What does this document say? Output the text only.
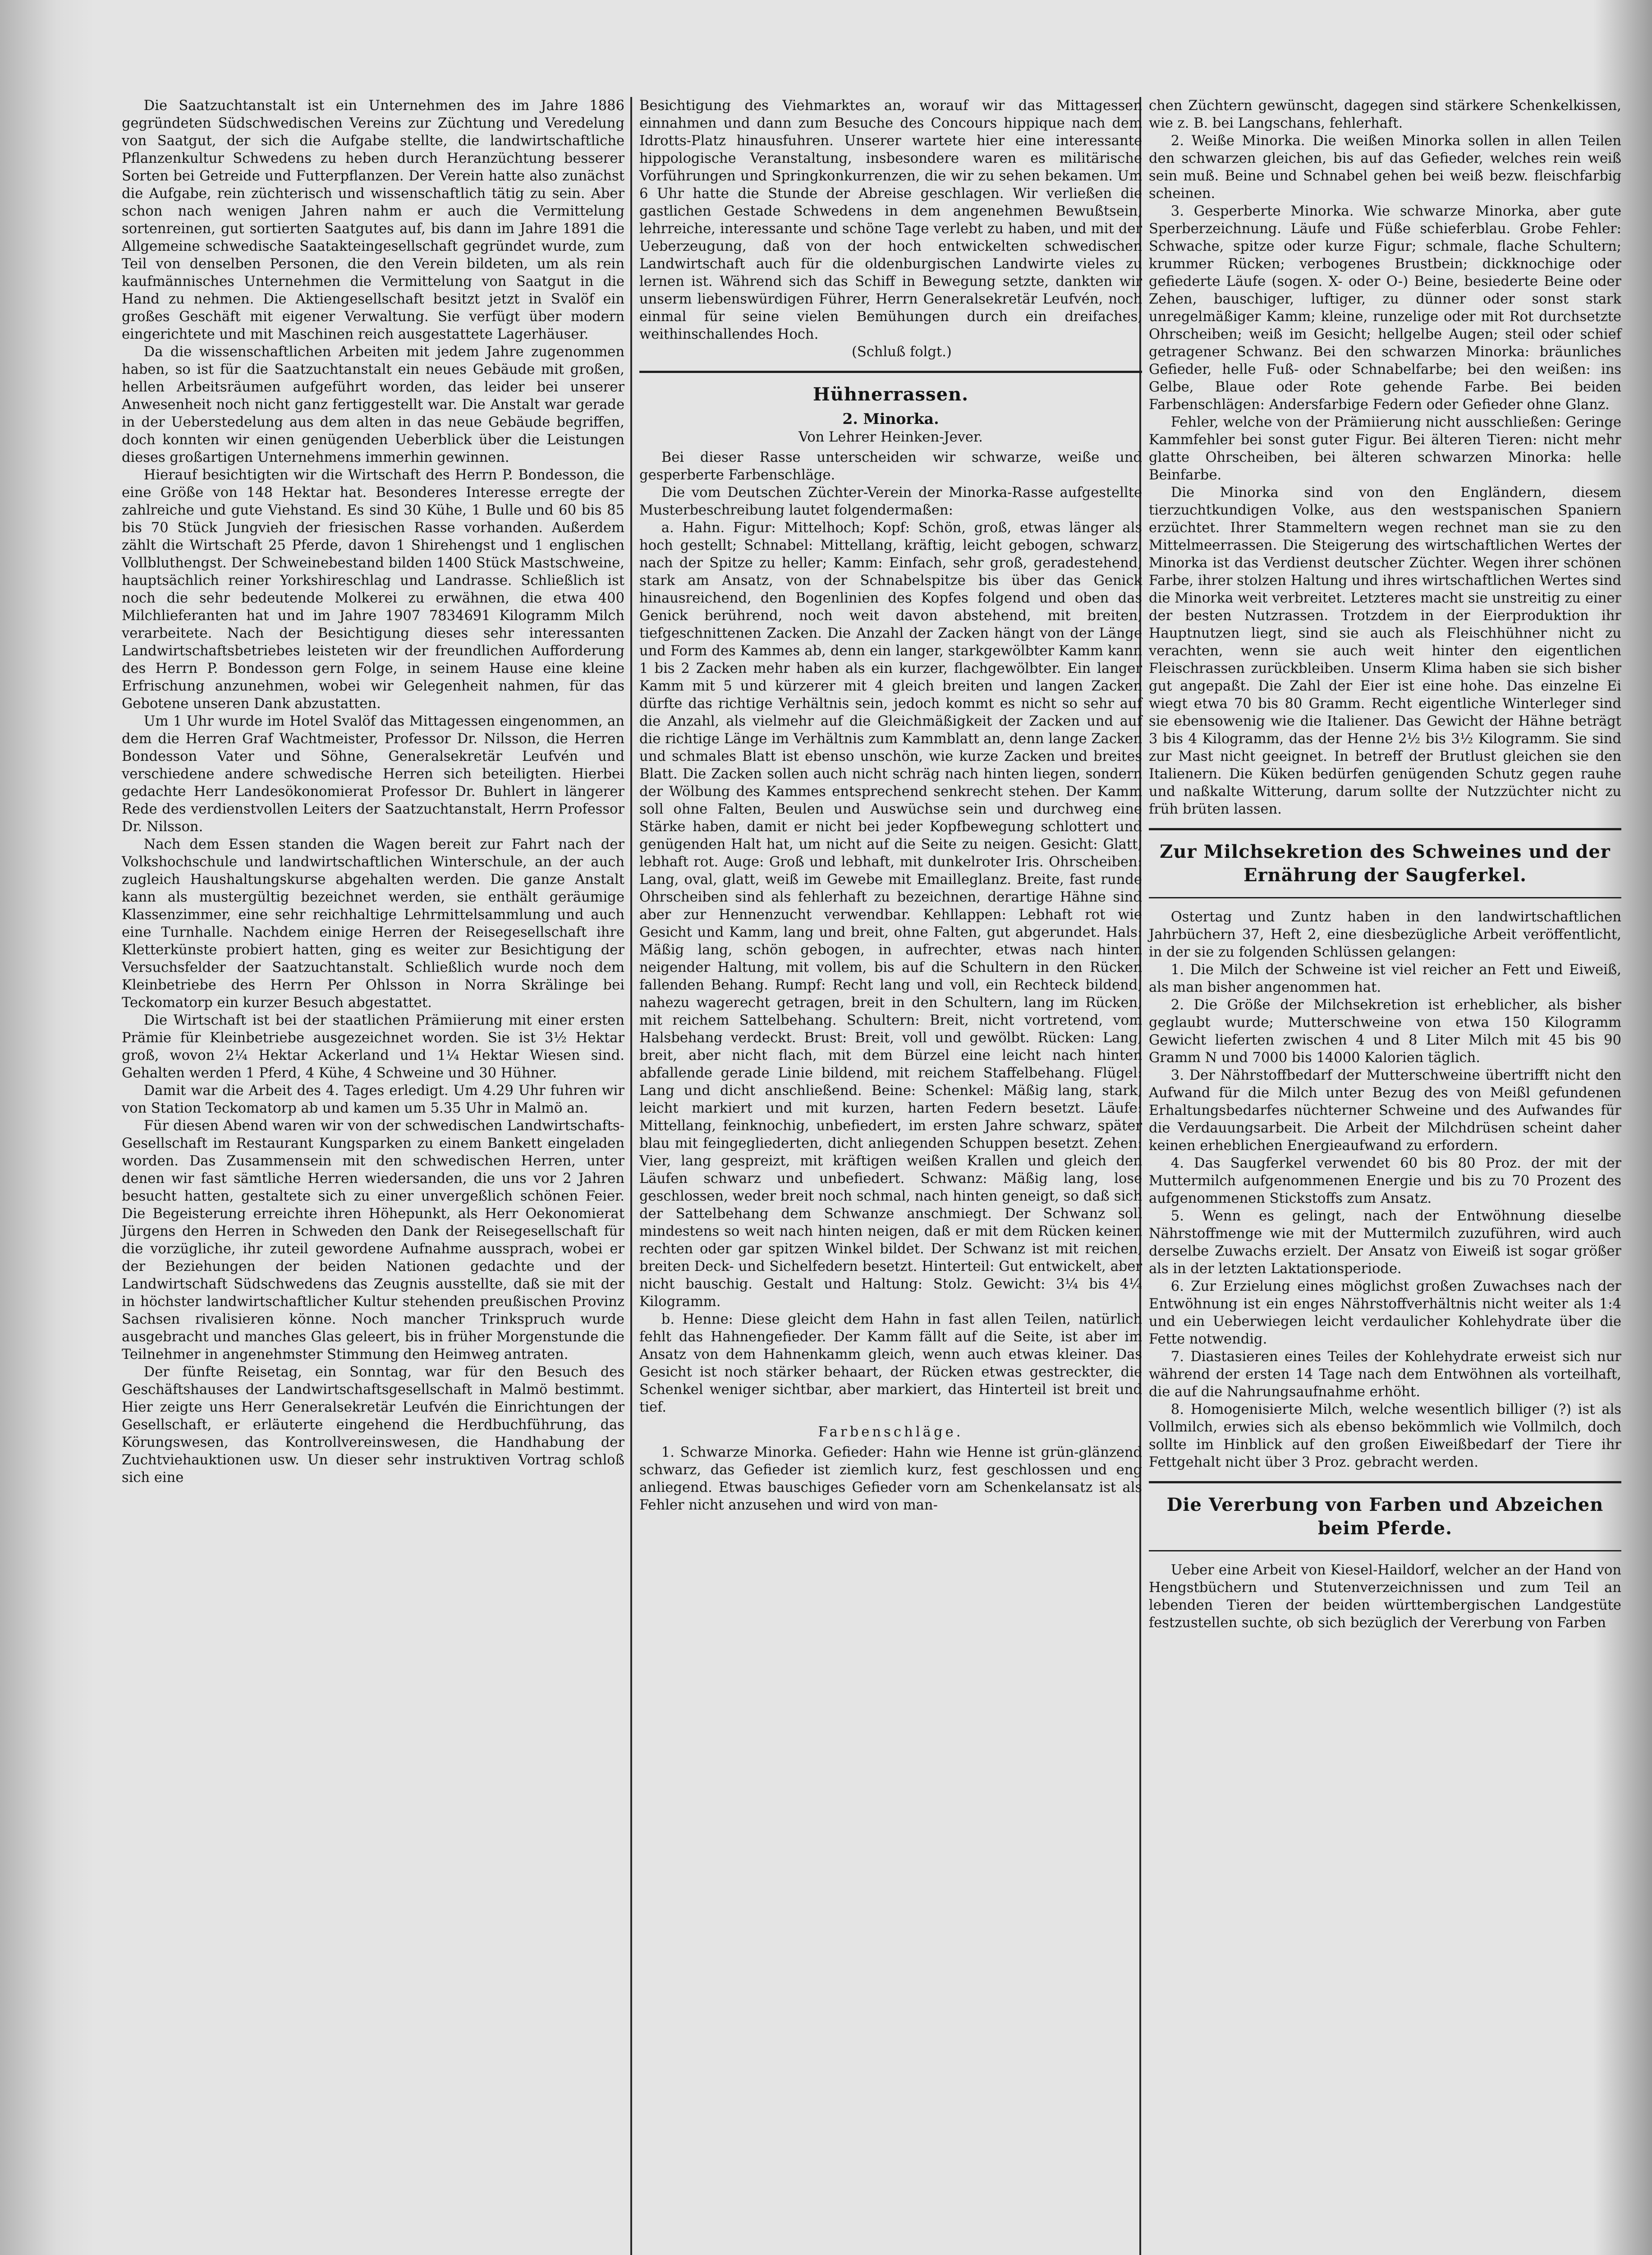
Die Saatzuchtanstalt ist ein Unternehmen des im Jahre 1886 gegründeten Südschwedischen Vereins zur Züchtung und Veredelung von Saatgut, der sich die Aufgabe stellte, die landwirtschaftliche Pflanzenkultur Schwedens zu heben durch Heranzüchtung besserer Sorten bei Getreide und Futterpflanzen. Der Verein hatte also zunächst die Aufgabe, rein züchterisch und wissenschaftlich tätig zu sein. Aber schon nach wenigen Jahren nahm er auch die Vermittelung sortenreinen, gut sortierten Saatgutes auf, bis dann im Jahre 1891 die Allgemeine schwedische Saatakteingesellschaft gegründet wurde, zum Teil von denselben Personen, die den Verein bildeten, um als rein kaufmännisches Unternehmen die Vermittelung von Saatgut in die Hand zu nehmen. Die Aktiengesellschaft besitzt jetzt in Svalöf ein großes Geschäft mit eigener Verwaltung. Sie verfügt über modern eingerichtete und mit Maschinen reich ausgestattete Lagerhäuser.

Da die wissenschaftlichen Arbeiten mit jedem Jahre zugenommen haben, so ist für die Saatzuchtanstalt ein neues Gebäude mit großen, hellen Arbeitsräumen aufgeführt worden, das leider bei unserer Anwesenheit noch nicht ganz fertiggestellt war. Die Anstalt war gerade in der Ueberstedelung aus dem alten in das neue Gebäude begriffen, doch konnten wir einen genügenden Ueberblick über die Leistungen dieses großartigen Unternehmens immerhin gewinnen.

Hierauf besichtigten wir die Wirtschaft des Herrn P. Bondesson, die eine Größe von 148 Hektar hat. Besonderes Interesse erregte der zahlreiche und gute Viehstand. Es sind 30 Kühe, 1 Bulle und 60 bis 85 bis 70 Stück Jungvieh der friesischen Rasse vorhanden. Außerdem zählt die Wirtschaft 25 Pferde, davon 1 Shirehengst und 1 englischen Vollbluthengst. Der Schweinebestand bilden 1400 Stück Mastschweine, hauptsächlich reiner Yorkshireschlag und Landrasse. Schließlich ist noch die sehr bedeutende Molkerei zu erwähnen, die etwa 400 Milchlieferanten hat und im Jahre 1907 7834691 Kilogramm Milch verarbeitete. Nach der Besichtigung dieses sehr interessanten Landwirtschaftsbetriebes leisteten wir der freundlichen Aufforderung des Herrn P. Bondesson gern Folge, in seinem Hause eine kleine Erfrischung anzunehmen, wobei wir Gelegenheit nahmen, für das Gebotene unseren Dank abzustatten.

Um 1 Uhr wurde im Hotel Svalöf das Mittagessen eingenommen, an dem die Herren Graf Wachtmeister, Professor Dr. Nilsson, die Herren Bondesson Vater und Söhne, Generalsekretär Leufvén und verschiedene andere schwedische Herren sich beteiligten. Hierbei gedachte Herr Landesökonomierat Professor Dr. Buhlert in längerer Rede des verdienstvollen Leiters der Saatzuchtanstalt, Herrn Professor Dr. Nilsson.

Nach dem Essen standen die Wagen bereit zur Fahrt nach der Volkshochschule und landwirtschaftlichen Winterschule, an der auch zugleich Haushaltungskurse abgehalten werden. Die ganze Anstalt kann als mustergültig bezeichnet werden, sie enthält geräumige Klassenzimmer, eine sehr reichhaltige Lehrmittelsammlung und auch eine Turnhalle. Nachdem einige Herren der Reisegesellschaft ihre Kletterkünste probiert hatten, ging es weiter zur Besichtigung der Versuchsfelder der Saatzuchtanstalt. Schließlich wurde noch dem Kleinbetriebe des Herrn Per Ohlsson in Norra Skrälinge bei Teckomatorp ein kurzer Besuch abgestattet.

Die Wirtschaft ist bei der staatlichen Prämiierung mit einer ersten Prämie für Kleinbetriebe ausgezeichnet worden. Sie ist 3½ Hektar groß, wovon 2¼ Hektar Ackerland und 1¼ Hektar Wiesen sind. Gehalten werden 1 Pferd, 4 Kühe, 4 Schweine und 30 Hühner.

Damit war die Arbeit des 4. Tages erledigt. Um 4.29 Uhr fuhren wir von Station Teckomatorp ab und kamen um 5.35 Uhr in Malmö an.

Für diesen Abend waren wir von der schwedischen Landwirtschafts-Gesellschaft im Restaurant Kungsparken zu einem Bankett eingeladen worden. Das Zusammensein mit den schwedischen Herren, unter denen wir fast sämtliche Herren wiedersanden, die uns vor 2 Jahren besucht hatten, gestaltete sich zu einer unvergeßlich schönen Feier. Die Begeisterung erreichte ihren Höhepunkt, als Herr Oekonomierat Jürgens den Herren in Schweden den Dank der Reisegesellschaft für die vorzügliche, ihr zuteil gewordene Aufnahme aussprach, wobei er der Beziehungen der beiden Nationen gedachte und der Landwirtschaft Südschwedens das Zeugnis ausstellte, daß sie mit der in höchster landwirtschaftlicher Kultur stehenden preußischen Provinz Sachsen rivalisieren könne. Noch mancher Trinkspruch wurde ausgebracht und manches Glas geleert, bis in früher Morgenstunde die Teilnehmer in angenehmster Stimmung den Heimweg antraten.

Der fünfte Reisetag, ein Sonntag, war für den Besuch des Geschäftshauses der Landwirtschaftsgesellschaft in Malmö bestimmt. Hier zeigte uns Herr Generalsekretär Leufvén die Einrichtungen der Gesellschaft, er erläuterte eingehend die Herdbuchführung, das Körungswesen, das Kontrollvereinswesen, die Handhabung der Zuchtviehauktionen usw. Un dieser sehr instruktiven Vortrag schloß sich eine

Besichtigung des Viehmarktes an, worauf wir das Mittagessen einnahmen und dann zum Besuche des Concours hippique nach dem Idrotts-Platz hinausfuhren. Unserer wartete hier eine interessante hippologische Veranstaltung, insbesondere waren es militärische Vorführungen und Springkonkurrenzen, die wir zu sehen bekamen. Um 6 Uhr hatte die Stunde der Abreise geschlagen. Wir verließen die gastlichen Gestade Schwedens in dem angenehmen Bewußtsein, lehrreiche, interessante und schöne Tage verlebt zu haben, und mit der Ueberzeugung, daß von der hoch entwickelten schwedischen Landwirtschaft auch für die oldenburgischen Landwirte vieles zu lernen ist. Während sich das Schiff in Bewegung setzte, dankten wir unserm liebenswürdigen Führer, Herrn Generalsekretär Leufvén, noch einmal für seine vielen Bemühungen durch ein dreifaches, weithinschallendes Hoch.

(Schluß folgt.)

Hühnerrassen.
2. Minorka.
Von Lehrer Heinken-Jever.

Bei dieser Rasse unterscheiden wir schwarze, weiße und gesperberte Farbenschläge.

Die vom Deutschen Züchter-Verein der Minorka-Rasse aufgestellte Musterbeschreibung lautet folgendermaßen:

a. Hahn. Figur: Mittelhoch; Kopf: Schön, groß, etwas länger als hoch gestellt; Schnabel: Mittellang, kräftig, leicht gebogen, schwarz, nach der Spitze zu heller; Kamm: Einfach, sehr groß, geradestehend, stark am Ansatz, von der Schnabelspitze bis über das Genick hinausreichend, den Bogenlinien des Kopfes folgend und oben das Genick berührend, noch weit davon abstehend, mit breiten, tiefgeschnittenen Zacken. Die Anzahl der Zacken hängt von der Länge und Form des Kammes ab, denn ein langer, starkgewölbter Kamm kann 1 bis 2 Zacken mehr haben als ein kurzer, flachgewölbter. Ein langer Kamm mit 5 und kürzerer mit 4 gleich breiten und langen Zacken dürfte das richtige Verhältnis sein, jedoch kommt es nicht so sehr auf die Anzahl, als vielmehr auf die Gleichmäßigkeit der Zacken und auf die richtige Länge im Verhältnis zum Kammblatt an, denn lange Zacken und schmales Blatt ist ebenso unschön, wie kurze Zacken und breites Blatt. Die Zacken sollen auch nicht schräg nach hinten liegen, sondern der Wölbung des Kammes entsprechend senkrecht stehen. Der Kamm soll ohne Falten, Beulen und Auswüchse sein und durchweg eine Stärke haben, damit er nicht bei jeder Kopfbewegung schlottert und genügenden Halt hat, um nicht auf die Seite zu neigen. Gesicht: Glatt, lebhaft rot. Auge: Groß und lebhaft, mit dunkelroter Iris. Ohrscheiben: Lang, oval, glatt, weiß im Gewebe mit Emailleglanz. Breite, fast runde Ohrscheiben sind als fehlerhaft zu bezeichnen, derartige Hähne sind aber zur Hennenzucht verwendbar. Kehllappen: Lebhaft rot wie Gesicht und Kamm, lang und breit, ohne Falten, gut abgerundet. Hals: Mäßig lang, schön gebogen, in aufrechter, etwas nach hinten neigender Haltung, mit vollem, bis auf die Schultern in den Rücken fallenden Behang. Rumpf: Recht lang und voll, ein Rechteck bildend, nahezu wagerecht getragen, breit in den Schultern, lang im Rücken, mit reichem Sattelbehang. Schultern: Breit, nicht vortretend, vom Halsbehang verdeckt. Brust: Breit, voll und gewölbt. Rücken: Lang, breit, aber nicht flach, mit dem Bürzel eine leicht nach hinten abfallende gerade Linie bildend, mit reichem Staffelbehang. Flügel: Lang und dicht anschließend. Beine: Schenkel: Mäßig lang, stark, leicht markiert und mit kurzen, harten Federn besetzt. Läufe: Mittellang, feinknochig, unbefiedert, im ersten Jahre schwarz, später blau mit feingegliederten, dicht anliegenden Schuppen besetzt. Zehen: Vier, lang gespreizt, mit kräftigen weißen Krallen und gleich den Läufen schwarz und unbefiedert. Schwanz: Mäßig lang, lose geschlossen, weder breit noch schmal, nach hinten geneigt, so daß sich der Sattelbehang dem Schwanze anschmiegt. Der Schwanz soll mindestens so weit nach hinten neigen, daß er mit dem Rücken keinen rechten oder gar spitzen Winkel bildet. Der Schwanz ist mit reichen, breiten Deck- und Sichelfedern besetzt. Hinterteil: Gut entwickelt, aber nicht bauschig. Gestalt und Haltung: Stolz. Gewicht: 3¼ bis 4¼ Kilogramm.

b. Henne: Diese gleicht dem Hahn in fast allen Teilen, natürlich fehlt das Hahnengefieder. Der Kamm fällt auf die Seite, ist aber im Ansatz von dem Hahnenkamm gleich, wenn auch etwas kleiner. Das Gesicht ist noch stärker behaart, der Rücken etwas gestreckter, die Schenkel weniger sichtbar, aber markiert, das Hinterteil ist breit und tief.

Farbenschläge.

1. Schwarze Minorka. Gefieder: Hahn wie Henne ist grün-glänzend schwarz, das Gefieder ist ziemlich kurz, fest geschlossen und eng anliegend. Etwas bauschiges Gefieder vorn am Schenkelansatz ist als Fehler nicht anzusehen und wird von man-

chen Züchtern gewünscht, dagegen sind stärkere Schenkelkissen, wie z. B. bei Langschans, fehlerhaft.

2. Weiße Minorka. Die weißen Minorka sollen in allen Teilen den schwarzen gleichen, bis auf das Gefieder, welches rein weiß sein muß. Beine und Schnabel gehen bei weiß bezw. fleischfarbig scheinen.

3. Gesperberte Minorka. Wie schwarze Minorka, aber gute Sperberzeichnung. Läufe und Füße schieferblau. Grobe Fehler: Schwache, spitze oder kurze Figur; schmale, flache Schultern; krummer Rücken; verbogenes Brustbein; dickknochige oder gefiederte Läufe (sogen. X- oder O-) Beine, besiederte Beine oder Zehen, bauschiger, luftiger, zu dünner oder sonst stark unregelmäßiger Kamm; kleine, runzelige oder mit Rot durchsetzte Ohrscheiben; weiß im Gesicht; hellgelbe Augen; steil oder schief getragener Schwanz. Bei den schwarzen Minorka: bräunliches Gefieder, helle Fuß- oder Schnabelfarbe; bei den weißen: ins Gelbe, Blaue oder Rote gehende Farbe. Bei beiden Farbenschlägen: Andersfarbige Federn oder Gefieder ohne Glanz.

Fehler, welche von der Prämiierung nicht ausschließen: Geringe Kammfehler bei sonst guter Figur. Bei älteren Tieren: nicht mehr glatte Ohrscheiben, bei älteren schwarzen Minorka: helle Beinfarbe.

Die Minorka sind von den Engländern, diesem tierzuchtkundigen Volke, aus den westspanischen Spaniern erzüchtet. Ihrer Stammeltern wegen rechnet man sie zu den Mittelmeerrassen. Die Steigerung des wirtschaftlichen Wertes der Minorka ist das Verdienst deutscher Züchter. Wegen ihrer schönen Farbe, ihrer stolzen Haltung und ihres wirtschaftlichen Wertes sind die Minorka weit verbreitet. Letzteres macht sie unstreitig zu einer der besten Nutzrassen. Trotzdem in der Eierproduktion ihr Hauptnutzen liegt, sind sie auch als Fleischhühner nicht zu verachten, wenn sie auch weit hinter den eigentlichen Fleischrassen zurückbleiben. Unserm Klima haben sie sich bisher gut angepaßt. Die Zahl der Eier ist eine hohe. Das einzelne Ei wiegt etwa 70 bis 80 Gramm. Recht eigentliche Winterleger sind sie ebensowenig wie die Italiener. Das Gewicht der Hähne beträgt 3 bis 4 Kilogramm, das der Henne 2½ bis 3½ Kilogramm. Sie sind zur Mast nicht geeignet. In betreff der Brutlust gleichen sie den Italienern. Die Küken bedürfen genügenden Schutz gegen rauhe und naßkalte Witterung, darum sollte der Nutzzüchter nicht zu früh brüten lassen.

Zur Milchsekretion des Schweines und der Ernährung der Saugferkel.

Ostertag und Zuntz haben in den landwirtschaftlichen Jahrbüchern 37, Heft 2, eine diesbezügliche Arbeit veröffentlicht, in der sie zu folgenden Schlüssen gelangen:

1. Die Milch der Schweine ist viel reicher an Fett und Eiweiß, als man bisher angenommen hat.

2. Die Größe der Milchsekretion ist erheblicher, als bisher geglaubt wurde; Mutterschweine von etwa 150 Kilogramm Gewicht lieferten zwischen 4 und 8 Liter Milch mit 45 bis 90 Gramm N und 7000 bis 14000 Kalorien täglich.

3. Der Nährstoffbedarf der Mutterschweine übertrifft nicht den Aufwand für die Milch unter Bezug des von Meißl gefundenen Erhaltungsbedarfes nüchterner Schweine und des Aufwandes für die Verdauungsarbeit. Die Arbeit der Milchdrüsen scheint daher keinen erheblichen Energieaufwand zu erfordern.

4. Das Saugferkel verwendet 60 bis 80 Proz. der mit der Muttermilch aufgenommenen Energie und bis zu 70 Prozent des aufgenommenen Stickstoffs zum Ansatz.

5. Wenn es gelingt, nach der Entwöhnung dieselbe Nährstoffmenge wie mit der Muttermilch zuzuführen, wird auch derselbe Zuwachs erzielt. Der Ansatz von Eiweiß ist sogar größer als in der letzten Laktationsperiode.

6. Zur Erzielung eines möglichst großen Zuwachses nach der Entwöhnung ist ein enges Nährstoffverhältnis nicht weiter als 1:4 und ein Ueberwiegen leicht verdaulicher Kohlehydrate über die Fette notwendig.

7. Diastasieren eines Teiles der Kohlehydrate erweist sich nur während der ersten 14 Tage nach dem Entwöhnen als vorteilhaft, die auf die Nahrungsaufnahme erhöht.

8. Homogenisierte Milch, welche wesentlich billiger (?) ist als Vollmilch, erwies sich als ebenso bekömmlich wie Vollmilch, doch sollte im Hinblick auf den großen Eiweißbedarf der Tiere ihr Fettgehalt nicht über 3 Proz. gebracht werden.

Die Vererbung von Farben und Abzeichen beim Pferde.

Ueber eine Arbeit von Kiesel-Haildorf, welcher an der Hand von Hengstbüchern und Stutenverzeichnissen und zum Teil an lebenden Tieren der beiden württembergischen Landgestüte festzustellen suchte, ob sich bezüglich der Vererbung von Farben
